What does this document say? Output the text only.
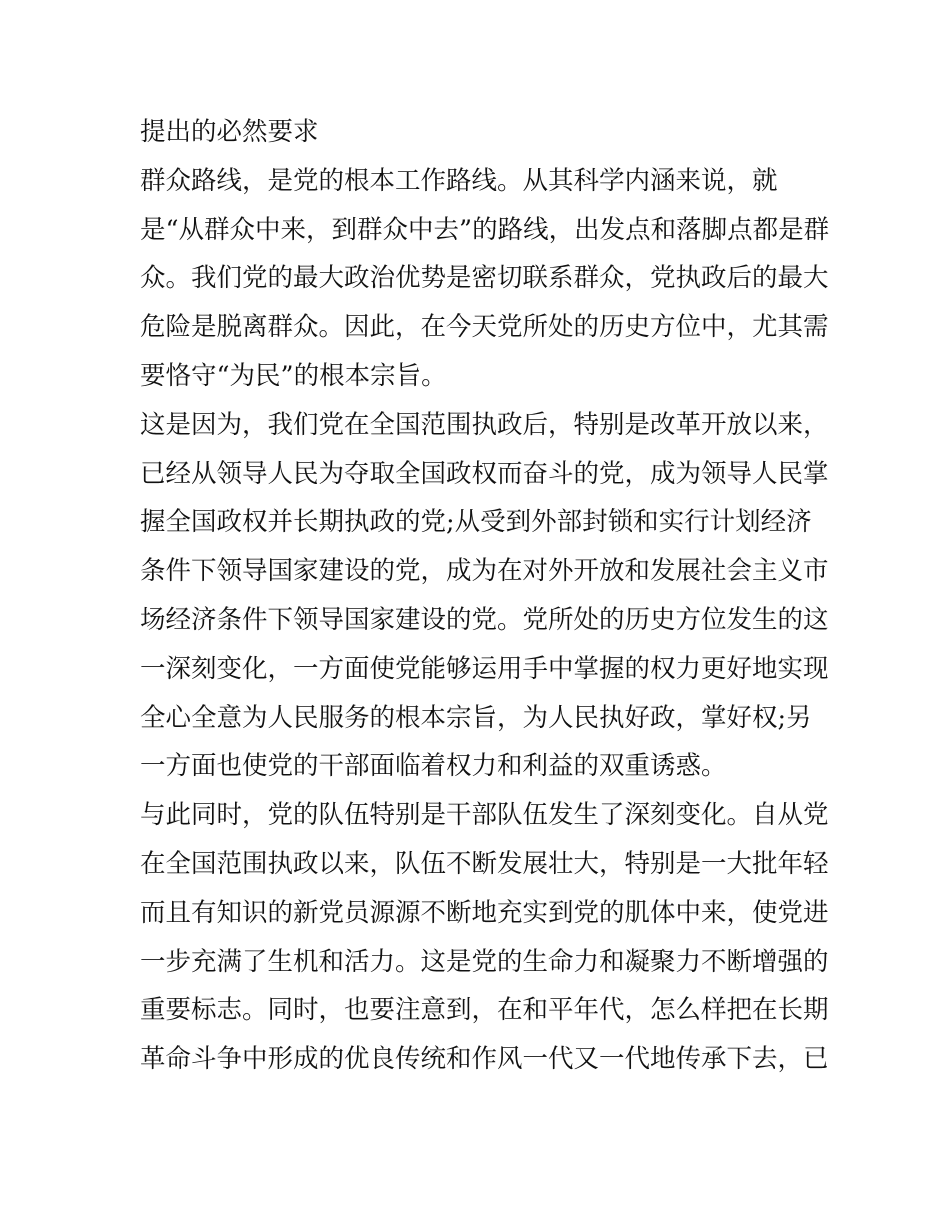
提出的必然要求
群众路线，是党的根本工作路线。从其科学内涵来说，就
是“从群众中来，到群众中去”的路线，出发点和落脚点都是群
众。我们党的最大政治优势是密切联系群众，党执政后的最大
危险是脱离群众。因此，在今天党所处的历史方位中，尤其需
要恪守“为民”的根本宗旨。
这是因为，我们党在全国范围执政后，特别是改革开放以来，
已经从领导人民为夺取全国政权而奋斗的党，成为领导人民掌
握全国政权并长期执政的党;从受到外部封锁和实行计划经济
条件下领导国家建设的党，成为在对外开放和发展社会主义市
场经济条件下领导国家建设的党。党所处的历史方位发生的这
一深刻变化，一方面使党能够运用手中掌握的权力更好地实现
全心全意为人民服务的根本宗旨，为人民执好政，掌好权;另
一方面也使党的干部面临着权力和利益的双重诱惑。
与此同时，党的队伍特别是干部队伍发生了深刻变化。自从党
在全国范围执政以来，队伍不断发展壮大，特别是一大批年轻
而且有知识的新党员源源不断地充实到党的肌体中来，使党进
一步充满了生机和活力。这是党的生命力和凝聚力不断增强的
重要标志。同时，也要注意到，在和平年代，怎么样把在长期
革命斗争中形成的优良传统和作风一代又一代地传承下去，已
